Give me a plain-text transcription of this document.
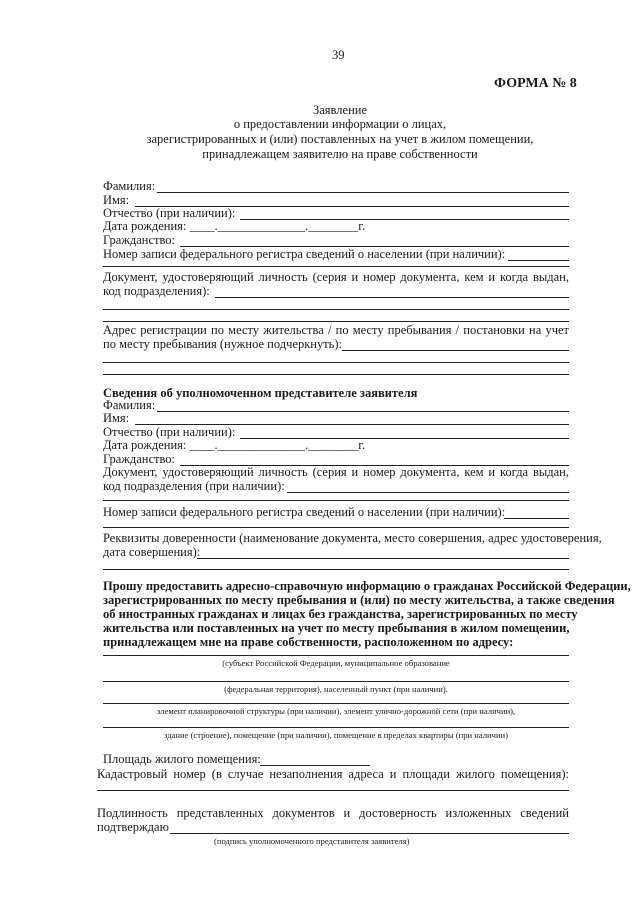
39
ФОРМА № 8
Заявление
о предоставлении информации о лицах,
зарегистрированных и (или) поставленных на учет в жилом помещении,
принадлежащем заявителю на праве собственности
Фамилия:
Имя:
Отчество (при наличии):
Дата рождения: ____.______________.________г.
Гражданство:
Номер записи федерального регистра сведений о населении (при наличии):
Документ, удостоверяющий личность (серия и номер документа, кем и когда выдан,
код подразделения):
Адрес регистрации по месту жительства / по месту пребывания / постановки на учет
по месту пребывания (нужное подчеркнуть):
Сведения об уполномоченном представителе заявителя
Фамилия:
Имя:
Отчество (при наличии):
Дата рождения: ____.______________.________г.
Гражданство:
Документ, удостоверяющий личность (серия и номер документа, кем и когда выдан,
код подразделения (при наличии):
Номер записи федерального регистра сведений о населении (при наличии):
Реквизиты доверенности (наименование документа, место совершения, адрес удостоверения,
дата совершения):
Прошу предоставить адресно-справочную информацию о гражданах Российской Федерации,
зарегистрированных по месту пребывания и (или) по месту жительства, а также сведения
об иностранных гражданах и лицах без гражданства, зарегистрированных по месту
жительства или поставленных на учет по месту пребывания в жилом помещении,
принадлежащем мне на праве собственности, расположенном по адресу:
(субъект Российской Федерации, муниципальное образование
(федеральная территория), населенный пункт (при наличии).
элемент планировочной структуры (при наличии), элемент улично-дорожной сети (при наличии),
здание (строение), помещение (при наличии), помещение в пределах квартиры (при наличии)
Площадь жилого помещения:
Кадастровый номер (в случае незаполнения адреса и площади жилого помещения):
Подлинность представленных документов и достоверность изложенных сведений
подтверждаю
(подпись уполномоченного представителя заявителя)
